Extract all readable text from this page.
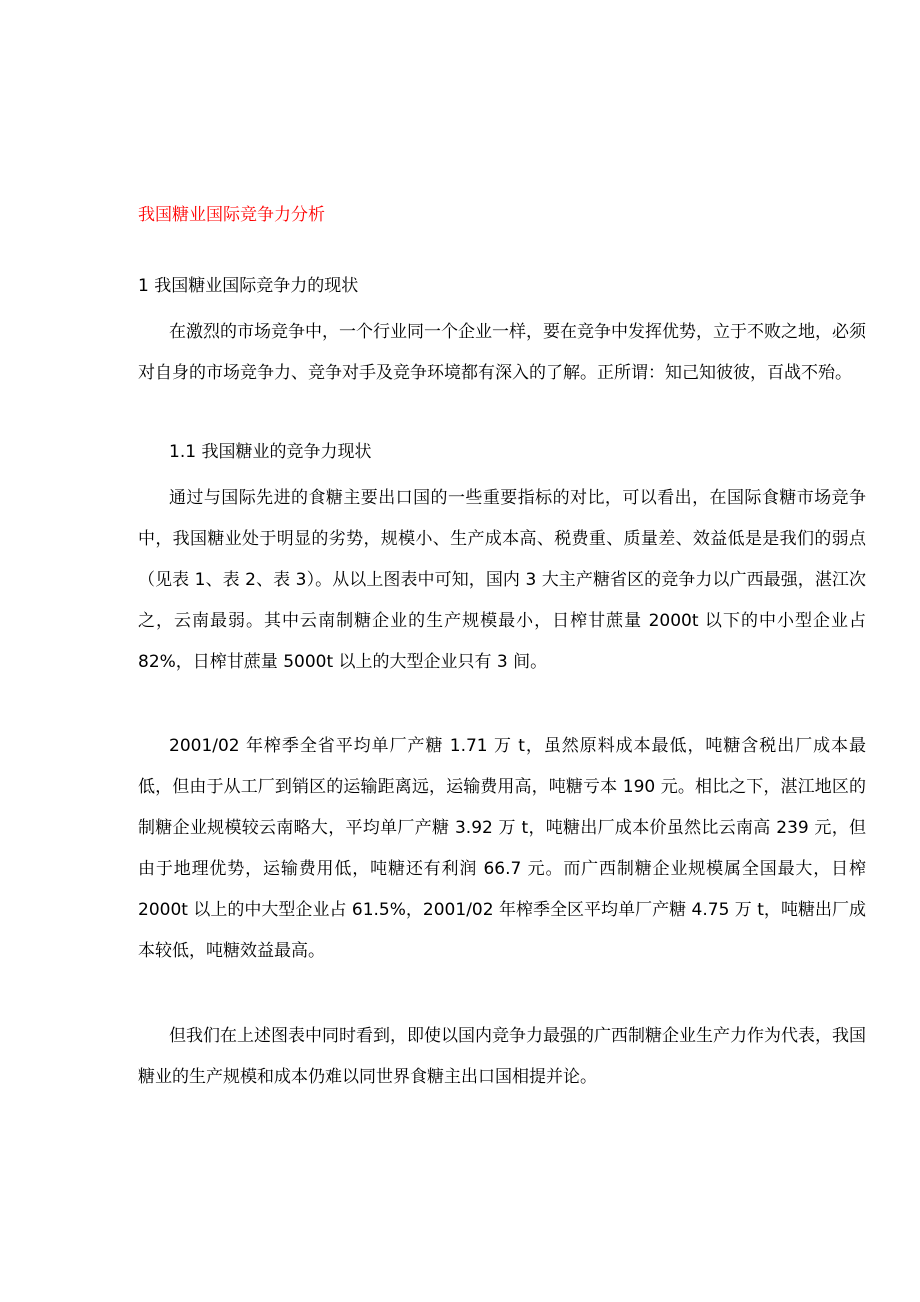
我国糖业国际竞争力分析
1 我国糖业国际竞争力的现状

在激烈的市场竞争中，一个行业同一个企业一样，要在竞争中发挥优势，立于不败之地，必须对自身的市场竞争力、竞争对手及竞争环境都有深入的了解。正所谓：知己知彼彼，百战不殆。

1.1 我国糖业的竞争力现状

通过与国际先进的食糖主要出口国的一些重要指标的对比，可以看出，在国际食糖市场竞争中，我国糖业处于明显的劣势，规模小、生产成本高、税费重、质量差、效益低是是我们的弱点（见表 1、表 2、表 3）。从以上图表中可知，国内 3 大主产糖省区的竞争力以广西最强，湛江次之，云南最弱。其中云南制糖企业的生产规模最小，日榨甘蔗量 2000t 以下的中小型企业占 82%，日榨甘蔗量 5000t 以上的大型企业只有 3 间。

2001/02 年榨季全省平均单厂产糖 1.71 万 t，虽然原料成本最低，吨糖含税出厂成本最低，但由于从工厂到销区的运输距离远，运输费用高，吨糖亏本 190 元。相比之下，湛江地区的制糖企业规模较云南略大，平均单厂产糖 3.92 万 t，吨糖出厂成本价虽然比云南高 239 元，但由于地理优势，运输费用低，吨糖还有利润 66.7 元。而广西制糖企业规模属全国最大，日榨 2000t 以上的中大型企业占 61.5%，2001/02 年榨季全区平均单厂产糖 4.75 万 t，吨糖出厂成本较低，吨糖效益最高。

但我们在上述图表中同时看到，即使以国内竞争力最强的广西制糖企业生产力作为代表，我国糖业的生产规模和成本仍难以同世界食糖主出口国相提并论。
